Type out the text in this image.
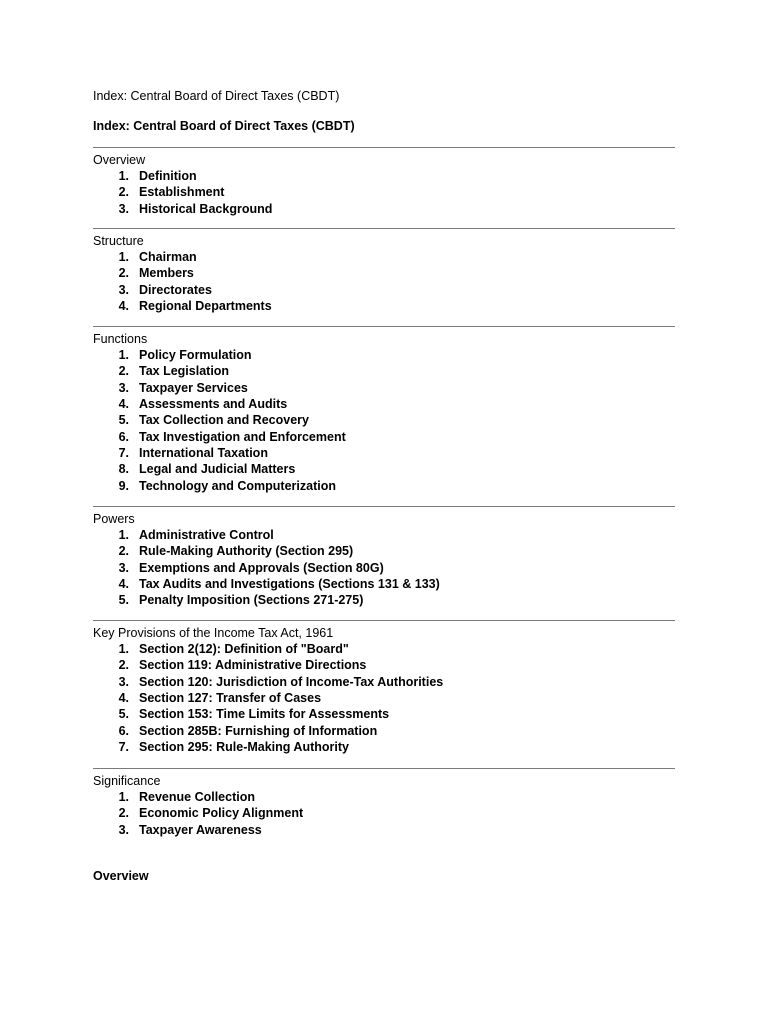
Index: Central Board of Direct Taxes (CBDT)
Index: Central Board of Direct Taxes (CBDT)
Overview
1. Definition
2. Establishment
3. Historical Background
Structure
1. Chairman
2. Members
3. Directorates
4. Regional Departments
Functions
1. Policy Formulation
2. Tax Legislation
3. Taxpayer Services
4. Assessments and Audits
5. Tax Collection and Recovery
6. Tax Investigation and Enforcement
7. International Taxation
8. Legal and Judicial Matters
9. Technology and Computerization
Powers
1. Administrative Control
2. Rule-Making Authority (Section 295)
3. Exemptions and Approvals (Section 80G)
4. Tax Audits and Investigations (Sections 131 & 133)
5. Penalty Imposition (Sections 271-275)
Key Provisions of the Income Tax Act, 1961
1. Section 2(12): Definition of "Board"
2. Section 119: Administrative Directions
3. Section 120: Jurisdiction of Income-Tax Authorities
4. Section 127: Transfer of Cases
5. Section 153: Time Limits for Assessments
6. Section 285B: Furnishing of Information
7. Section 295: Rule-Making Authority
Significance
1. Revenue Collection
2. Economic Policy Alignment
3. Taxpayer Awareness
Overview
